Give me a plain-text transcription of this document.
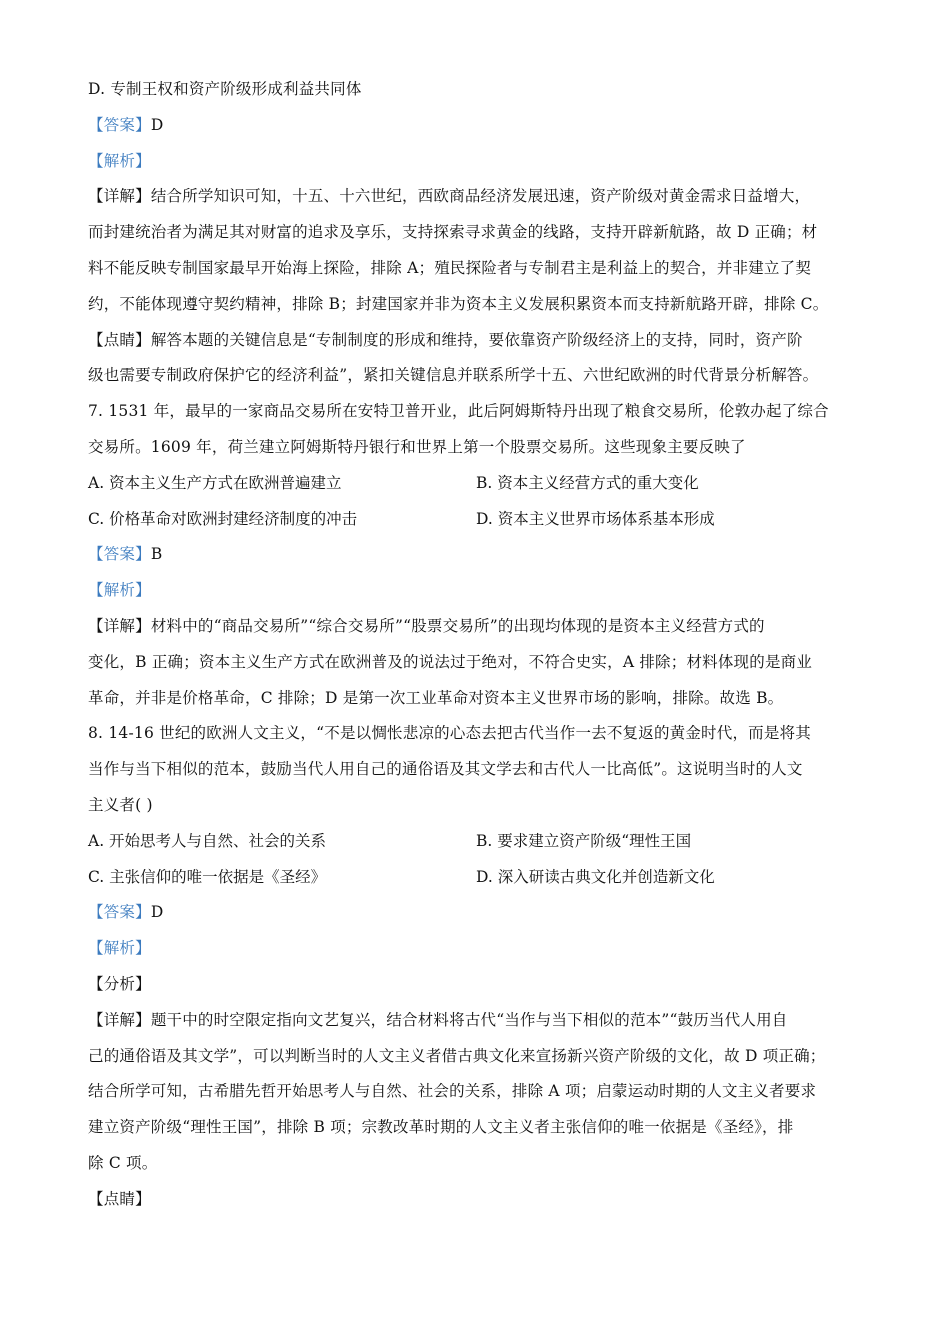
D. 专制王权和资产阶级形成利益共同体
【答案】D
【解析】
【详解】结合所学知识可知，十五、十六世纪，西欧商品经济发展迅速，资产阶级对黄金需求日益增大，
而封建统治者为满足其对财富的追求及享乐，支持探索寻求黄金的线路，支持开辟新航路，故 D 正确；材
料不能反映专制国家最早开始海上探险，排除 A；殖民探险者与专制君主是利益上的契合，并非建立了契
约，不能体现遵守契约精神，排除 B；封建国家并非为资本主义发展积累资本而支持新航路开辟，排除 C。
【点睛】解答本题的关键信息是“专制制度的形成和维持，要依靠资产阶级经济上的支持，同时，资产阶
级也需要专制政府保护它的经济利益”，紧扣关键信息并联系所学十五、六世纪欧洲的时代背景分析解答。
7. 1531 年，最早的一家商品交易所在安特卫普开业，此后阿姆斯特丹出现了粮食交易所，伦敦办起了综合
交易所。1609 年，荷兰建立阿姆斯特丹银行和世界上第一个股票交易所。这些现象主要反映了
A. 资本主义生产方式在欧洲普遍建立	B. 资本主义经营方式的重大变化
C. 价格革命对欧洲封建经济制度的冲击	D. 资本主义世界市场体系基本形成
【答案】B
【解析】
【详解】材料中的“商品交易所”“综合交易所”“股票交易所”的出现均体现的是资本主义经营方式的
变化，B 正确；资本主义生产方式在欧洲普及的说法过于绝对，不符合史实，A 排除；材料体现的是商业
革命，并非是价格革命，C 排除；D 是第一次工业革命对资本主义世界市场的影响，排除。故选 B。
8. 14-16 世纪的欧洲人文主义，“不是以惆怅悲凉的心态去把古代当作一去不复返的黄金时代，而是将其
当作与当下相似的范本，鼓励当代人用自己的通俗语及其文学去和古代人一比高低”。这说明当时的人文
主义者( )
A. 开始思考人与自然、社会的关系	B. 要求建立资产阶级“理性王国
C. 主张信仰的唯一依据是《圣经》	D. 深入研读古典文化并创造新文化
【答案】D
【解析】
【分析】
【详解】题干中的时空限定指向文艺复兴，结合材料将古代“当作与当下相似的范本”“鼓历当代人用自
己的通俗语及其文学”，可以判断当时的人文主义者借古典文化来宣扬新兴资产阶级的文化，故 D 项正确；
结合所学可知，古希腊先哲开始思考人与自然、社会的关系，排除 A 项；启蒙运动时期的人文主义者要求
建立资产阶级“理性王国”，排除 B 项；宗教改革时期的人文主义者主张信仰的唯一依据是《圣经》，排
除 C 项。
【点睛】
